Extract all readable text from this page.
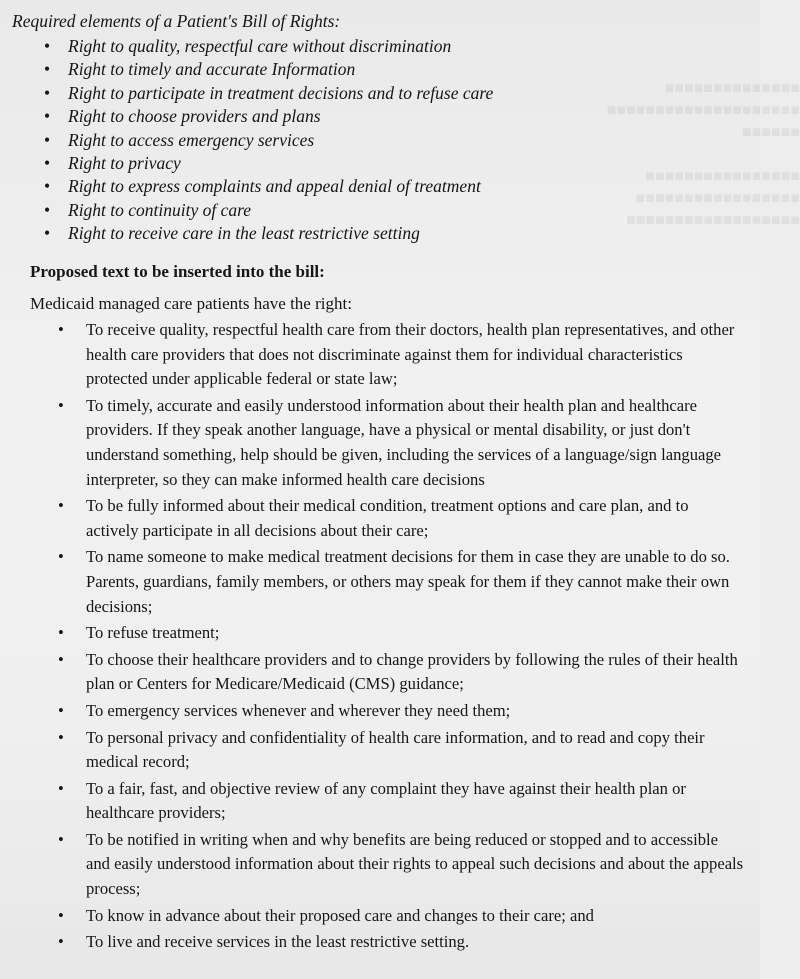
■■■■■■■■■■■■■■
■■■■■■■■■■■■■■■■■■■■
■■■■■■

■■■■■■■■■■■■■■■■
■■■■■■■■■■■■■■■■■
■■■■■■■■■■■■■■■■■■

Required elements of a Patient's Bill of Rights:

• Right to quality, respectful care without discrimination
• Right to timely and accurate Information
• Right to participate in treatment decisions and to refuse care
• Right to choose providers and plans
• Right to access emergency services
• Right to privacy
• Right to express complaints and appeal denial of treatment
• Right to continuity of care
• Right to receive care in the least restrictive setting

Proposed text to be inserted into the bill:

Medicaid managed care patients have the right:

• To receive quality, respectful health care from their doctors, health plan representatives, and other health care providers that does not discriminate against them for individual characteristics protected under applicable federal or state law;
• To timely, accurate and easily understood information about their health plan and healthcare providers. If they speak another language, have a physical or mental disability, or just don't understand something, help should be given, including the services of a language/sign language interpreter, so they can make informed health care decisions
• To be fully informed about their medical condition, treatment options and care plan, and to actively participate in all decisions about their care;
• To name someone to make medical treatment decisions for them in case they are unable to do so. Parents, guardians, family members, or others may speak for them if they cannot make their own decisions;
• To refuse treatment;
• To choose their healthcare providers and to change providers by following the rules of their health plan or Centers for Medicare/Medicaid (CMS) guidance;
• To emergency services whenever and wherever they need them;
• To personal privacy and confidentiality of health care information, and to read and copy their medical record;
• To a fair, fast, and objective review of any complaint they have against their health plan or healthcare providers;
• To be notified in writing when and why benefits are being reduced or stopped and to accessible and easily understood information about their rights to appeal such decisions and about the appeals process;
• To know in advance about their proposed care and changes to their care; and
• To live and receive services in the least restrictive setting.
